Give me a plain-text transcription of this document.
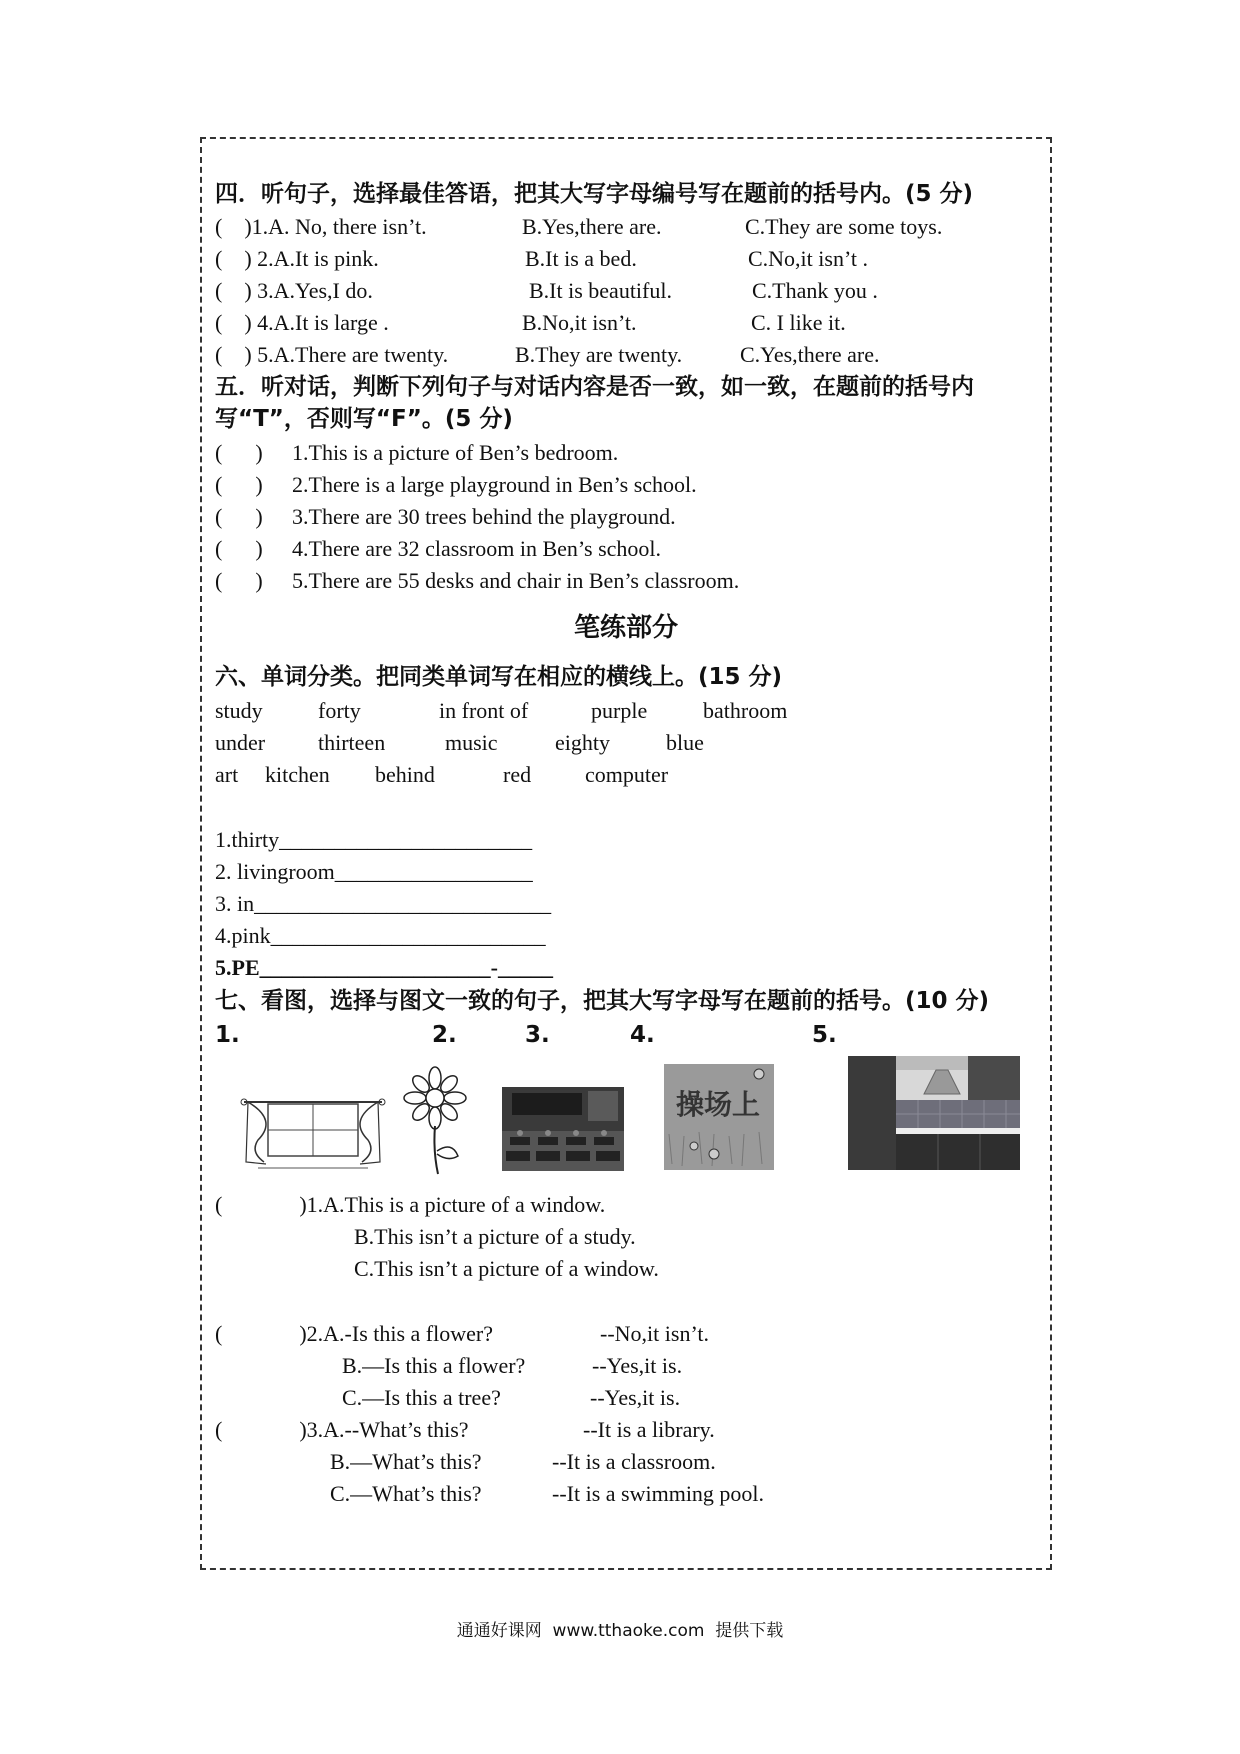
四．听句子，选择最佳答语，把其大写字母编号写在题前的括号内。(5 分)
(    )1.A. No, there isn’t.	B.Yes,there are.	C.They are some toys.
(    ) 2.A.It is pink.	B.It is a bed.	C.No,it isn’t .
(    ) 3.A.Yes,I do.	B.It is beautiful.	C.Thank you .
(    ) 4.A.It is large .	B.No,it isn’t.	C. I like it.
(    ) 5.A.There are twenty.	B.They are twenty.	C.Yes,there are.
五．听对话，判断下列句子与对话内容是否一致，如一致，在题前的括号内
写“T”，否则写“F”。(5 分)
(      ) 1.This is a picture of Ben’s bedroom.
(      ) 2.There is a large playground in Ben’s school.
(      ) 3.There are 30 trees behind the playground.
(      ) 4.There are 32 classroom in Ben’s school.
(      ) 5.There are 55 desks and chair in Ben’s classroom.
笔练部分
六、单词分类。把同类单词写在相应的横线上。(15 分)
study	forty	in front of	purple	bathroom
under thirteen	music	eighty	blue
art kitchen behind	red computer
1.thirty_______________________
2. livingroom__________________
3. in___________________________
4.pink_________________________
5.PE_____________________-_____
七、看图，选择与图文一致的句子，把其大写字母写在题前的括号。(10 分)
1.	2.	3.	4.	5.
操场上
(              )1.A.This is a picture of a window.
B.This isn’t a picture of a study.
C.This isn’t a picture of a window.
(              )2.A.-Is this a flower?	--No,it isn’t.
B.—Is this a flower?	--Yes,it is.
C.—Is this a tree?	--Yes,it is.
(              )3.A.--What’s this?	--It is a library.
B.—What’s this?	--It is a classroom.
C.—What’s this?	--It is a swimming pool.
通通好课网  www.tthaoke.com  提供下载
